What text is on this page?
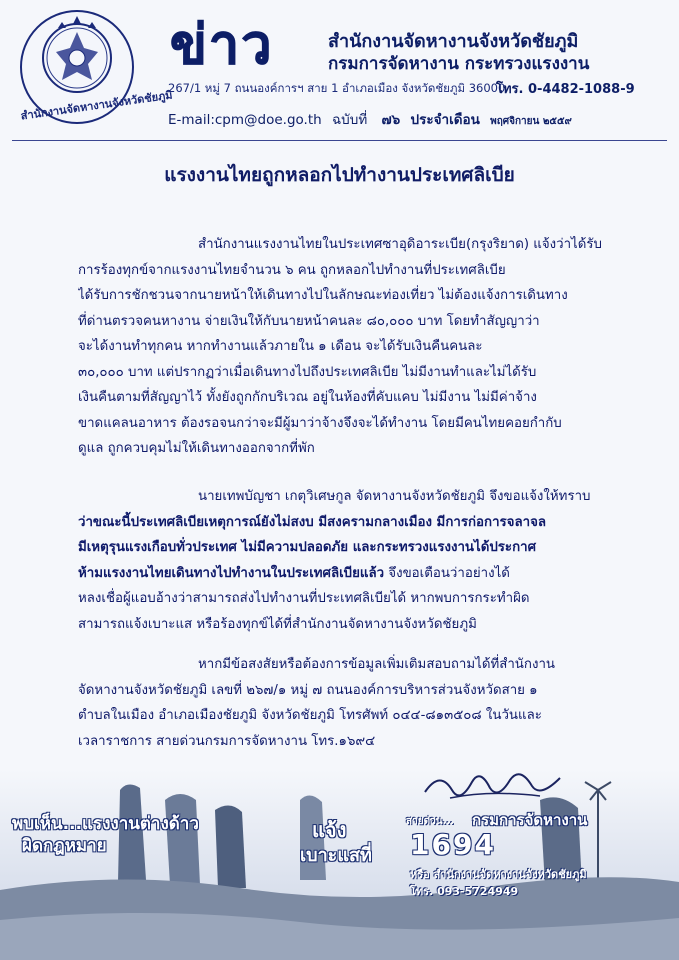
สำนักงานจัดหางานจังหวัดชัยภูมิ
ข่าว	สำนักงานจัดหางานจังหวัดชัยภูมิ
กรมการจัดหางาน กระทรวงแรงงาน
267/1 หมู่ 7 ถนนองค์การฯ สาย 1 อำเภอเมือง จังหวัดชัยภูมิ 36000
โทร. 0-4482-1088-9
E-mail:cpm@doe.go.th ฉบับที่ ๗๖ ประจำเดือน พฤศจิกายน ๒๕๕๙
แรงงานไทยถูกหลอกไปทำงานประเทศลิเบีย
สำนักงานแรงงานไทยในประเทศซาอุดิอาระเบีย(กรุงริยาด) แจ้งว่าได้รับ
การร้องทุกข์จากแรงงานไทยจำนวน ๖ คน ถูกหลอกไปทำงานที่ประเทศลิเบีย
ได้รับการชักชวนจากนายหน้าให้เดินทางไปในลักษณะท่องเที่ยว ไม่ต้องแจ้งการเดินทาง
ที่ด่านตรวจคนหางาน จ่ายเงินให้กับนายหน้าคนละ ๘๐,๐๐๐ บาท โดยทำสัญญาว่า
จะได้งานทำทุกคน หากทำงานแล้วภายใน ๑ เดือน จะได้รับเงินคืนคนละ
๓๐,๐๐๐ บาท แต่ปรากฏว่าเมื่อเดินทางไปถึงประเทศลิเบีย ไม่มีงานทำและไม่ได้รับ
เงินคืนตามที่สัญญาไว้ ทั้งยังถูกกักบริเวณ อยู่ในห้องที่คับแคบ ไม่มีงาน ไม่มีค่าจ้าง
ขาดแคลนอาหาร ต้องรอจนกว่าจะมีผู้มาว่าจ้างจึงจะได้ทำงาน โดยมีคนไทยคอยกำกับ
ดูแล ถูกควบคุมไม่ให้เดินทางออกจากที่พัก
นายเทพบัญชา เกตุวิเศษกูล จัดหางานจังหวัดชัยภูมิ จึงขอแจ้งให้ทราบ
ว่าขณะนี้ประเทศลิเบียเหตุการณ์ยังไม่สงบ มีสงครามกลางเมือง มีการก่อการจลาจล
มีเหตุรุนแรงเกือบทั่วประเทศ ไม่มีความปลอดภัย และกระทรวงแรงงานได้ประกาศ
ห้ามแรงงานไทยเดินทางไปทำงานในประเทศลิเบียแล้ว จึงขอเตือนว่าอย่างได้
หลงเชื่อผู้แอบอ้างว่าสามารถส่งไปทำงานที่ประเทศลิเบียได้ หากพบการกระทำผิด
สามารถแจ้งเบาะแส หรือร้องทุกข์ได้ที่สำนักงานจัดหางานจังหวัดชัยภูมิ
หากมีข้อสงสัยหรือต้องการข้อมูลเพิ่มเติมสอบถามได้ที่สำนักงาน
จัดหางานจังหวัดชัยภูมิ เลขที่ ๒๖๗/๑ หมู่ ๗ ถนนองค์การบริหารส่วนจังหวัดสาย ๑
ตำบลในเมือง อำเภอเมืองชัยภูมิ จังหวัดชัยภูมิ โทรศัพท์ ๐๔๔-๘๑๓๕๐๘ ในวันและ
เวลาราชการ สายด่วนกรมการจัดหางาน โทร.๑๖๙๔
พบเห็น...แรงงานต่างด้าว
ผิดกฎหมาย
แจ้ง
เบาะแสที่
สายด่วน... กรมการจัดหางาน
1694
หรือ สำนักงานจัดหางานจังหวัดชัยภูมิ
โทร. 093-5724949
